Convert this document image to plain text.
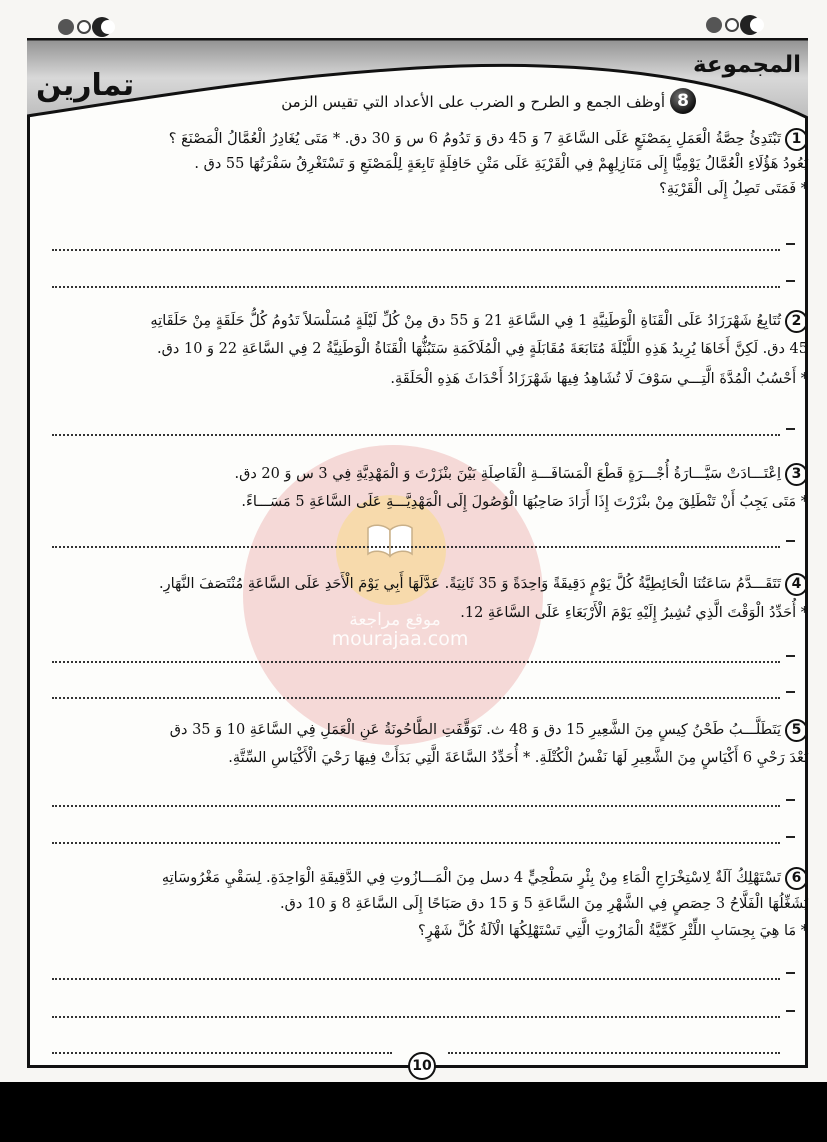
تمارين
المجموعة
8
أوظف الجمع و الطرح و الضرب على الأعداد التي تقيس الزمن
موقع مراجعة
mourajaa.com

1تَبْتَدِئُ حِصَّةُ الْعَمَلِ بِمَصْنَعٍ عَلَى السَّاعَةِ 7 وَ 45 دق وَ تَدُومُ 6 س وَ 30 دق. * مَتَى يُغَادِرُ الْعُمَّالُ الْمَصْنَعَ ؟

يَعُودُ هَؤُلَاءِ الْعُمَّالُ يَوْمِيًّا إِلَى مَنَازِلِهِمْ فِي الْقَرْيَةِ عَلَى مَتْنِ حَافِلَةٍ تَابِعَةٍ لِلْمَصْنَعِ وَ تَسْتَغْرِقُ سَفْرَتُهَا 55 دق .

* فَمَتَى تَصِلُ إِلَى الْقَرْيَةِ؟

2تُتَابِعُ شَهْرَزَادُ عَلَى الْقَنَاةِ الْوَطَنِيَّةِ 1 فِي السَّاعَةِ 21 وَ 55 دق مِنْ كُلِّ لَيْلَةٍ مُسَلْسَلاً تَدُومُ كُلُّ حَلَقَةٍ مِنْ حَلَقَاتِهِ

45 دق. لَكِنَّ أَخَاهَا يُرِيدُ هَذِهِ اللَّيْلَةَ مُتَابَعَةَ مُقَابَلَةٍ فِي الْمُلَاكَمَةِ سَتَبُثُّهَا الْقَنَاةُ الْوَطَنِيَّةُ 2 فِي السَّاعَةِ 22 وَ 10 دق.

* أَحْسُبُ الْمُدَّةَ الَّتِـــي سَوْفَ لَا تُشَاهِدُ فِيهَا شَهْرَزَادُ أَحْدَاثَ هَذِهِ الْحَلَقَةِ.

3اِعْتَـــادَتْ سَيَّـــارَةُ أُجْـــرَةٍ قَطْعَ الْمَسَافَـــةِ الْفَاصِلَةِ بَيْنَ بنْزَرْتَ وَ الْمَهْدِيَّةِ فِي 3 س وَ 20 دق.

* مَتَى يَجِبُ أَنْ تَنْطَلِقَ مِنْ بنْزَرْتَ إِذَا أَرَادَ صَاحِبُهَا الْوُصُولَ إِلَى الْمَهْدِيَّـــةِ عَلَى السَّاعَةِ 5 مَسَـــاءً.

4تَتَقَـــدَّمُ سَاعَتُنَا الْحَائِطِيَّةُ كُلَّ يَوْمٍ دَقِيقَةً وَاحِدَةً وَ 35 ثَانِيَةً. عَدَّلَهَا أَبِي يَوْمَ الْأَحَدِ عَلَى السَّاعَةِ مُنْتَصَفَ النَّهَارِ.

* أُحَدِّدُ الْوَقْتَ الَّذِي تُشِيرُ إِلَيْهِ يَوْمَ الْأَرْبَعَاءِ عَلَى السَّاعَةِ 12.

5يَتَطَلَّـــبُ طَحْنُ كِيسٍ مِنَ الشَّعِيرِ 15 دق وَ 48 ث. تَوَقَّفَتِ الطَّاحُونَةُ عَنِ الْعَمَلِ فِي السَّاعَةِ 10 وَ 35 دق

بَعْدَ رَحْيِ 6 أَكْيَاسٍ مِنَ الشَّعِيرِ لَهَا نَفْسُ الْكُتْلَةِ. * أُحَدِّدُ السَّاعَةَ الَّتِي بَدَأَتْ فِيهَا رَحْيَ الْأَكْيَاسِ السِّتَّةِ.

6تَسْتَهْلِكُ آلَةٌ لِاسْتِخْرَاجِ الْمَاءِ مِنْ بِئْرٍ سَطْحِيٍّ 4 دسل مِنَ الْمَـــازُوتِ فِي الدَّقِيقَةِ الْوَاحِدَةِ. لِسَقْيِ مَغْرُوسَاتِهِ

يُشَغِّلُهَا الْفَلَّاحُ 3 حِصَصٍ فِي الشَّهْرِ مِنَ السَّاعَةِ 5 وَ 15 دق صَبَاحًا إِلَى السَّاعَةِ 8 وَ 10 دق.

* مَا هِيَ بِحِسَابِ اللِّتْرِ كَمِّيَّةُ الْمَازُوتِ الَّتِي تَسْتَهْلِكُهَا الْآلَةُ كُلَّ شَهْرٍ؟

10
